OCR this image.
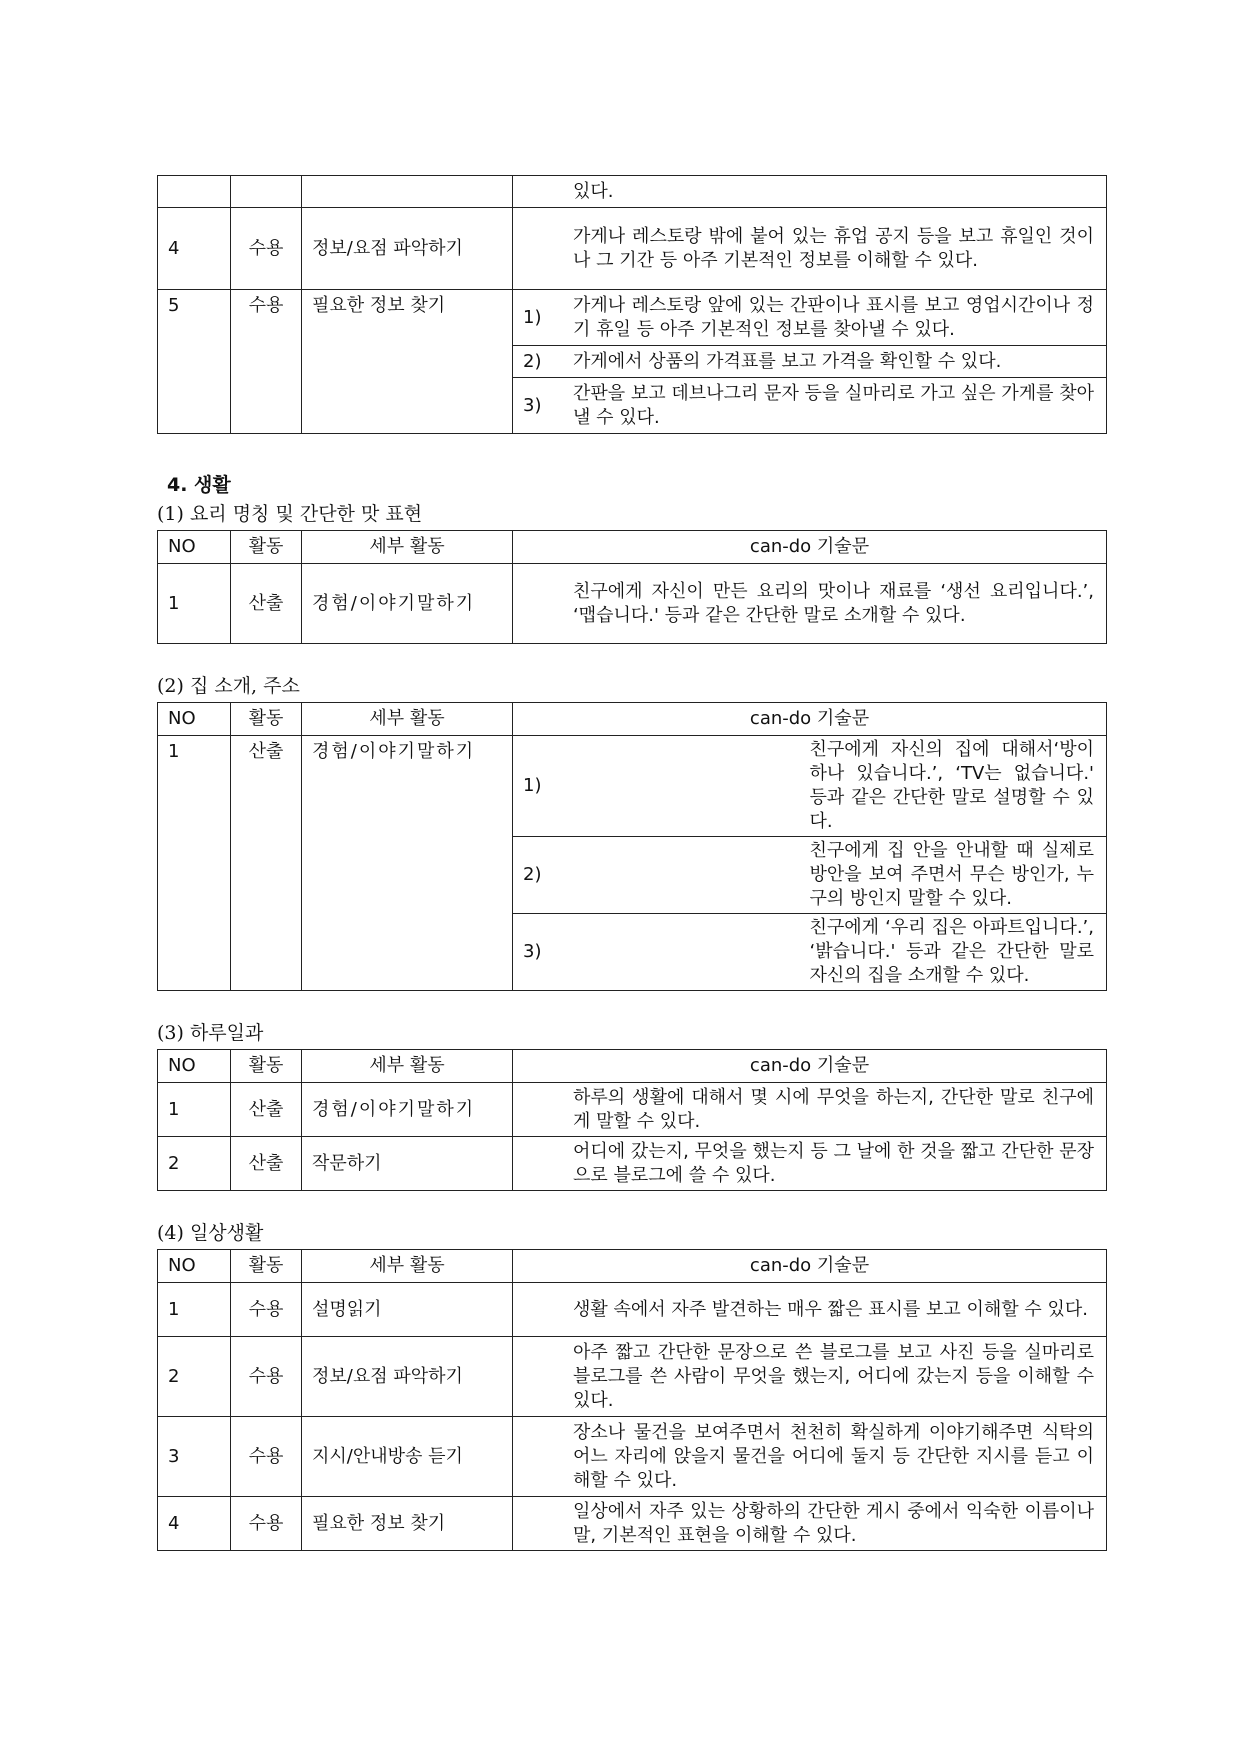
				있다.
4	수용	정보/요점 파악하기		가게나 레스토랑 밖에 붙어 있는 휴업 공지 등을 보고 휴일인 것이나 그 기간 등 아주 기본적인 정보를 이해할 수 있다.
5	수용	필요한 정보 찾기	1)	가게나 레스토랑 앞에 있는 간판이나 표시를 보고 영업시간이나 정기 휴일 등 아주 기본적인 정보를 찾아낼 수 있다.
			2)	가게에서 상품의 가격표를 보고 가격을 확인할 수 있다.
			3)	간판을 보고 데브나그리 문자 등을 실마리로 가고 싶은 가게를 찾아낼 수 있다.
4. 생활
(1) 요리 명칭 및 간단한 맛 표현
NO	활동	세부 활동	can-do 기술문
1	산출	경험/이야기말하기	친구에게 자신이 만든 요리의 맛이나 재료를 ‘생선 요리입니다.’, ‘맵습니다.' 등과 같은 간단한 말로 소개할 수 있다.
(2) 집 소개, 주소
NO	활동	세부 활동	can-do 기술문	
1	산출	경험/이야기말하기	1)	친구에게 자신의 집에 대해서‘방이 하나 있습니다.’, ‘TV는 없습니다.' 등과 같은 간단한 말로 설명할 수 있다.
			2)	친구에게 집 안을 안내할 때 실제로 방안을 보여 주면서 무슨 방인가, 누구의 방인지 말할 수 있다.
			3)	친구에게 ‘우리 집은 아파트입니다.’, ‘밝습니다.' 등과 같은 간단한 말로 자신의 집을 소개할 수 있다.
(3) 하루일과
NO	활동	세부 활동	can-do 기술문
1	산출	경험/이야기말하기	하루의 생활에 대해서 몇 시에 무엇을 하는지, 간단한 말로 친구에게 말할 수 있다.
2	산출	작문하기	어디에 갔는지, 무엇을 했는지 등 그 날에 한 것을 짧고 간단한 문장으로 블로그에 쓸 수 있다.
(4) 일상생활
NO	활동	세부 활동	can-do 기술문
1	수용	설명읽기	생활 속에서 자주 발견하는 매우 짧은 표시를 보고 이해할 수 있다.
2	수용	정보/요점 파악하기	아주 짧고 간단한 문장으로 쓴 블로그를 보고 사진 등을 실마리로 블로그를 쓴 사람이 무엇을 했는지, 어디에 갔는지 등을 이해할 수 있다.
3	수용	지시/안내방송 듣기	장소나 물건을 보여주면서 천천히 확실하게 이야기해주면 식탁의 어느 자리에 앉을지 물건을 어디에 둘지 등 간단한 지시를 듣고 이해할 수 있다.
4	수용	필요한 정보 찾기	일상에서 자주 있는 상황하의 간단한 게시 중에서 익숙한 이름이나 말, 기본적인 표현을 이해할 수 있다.
